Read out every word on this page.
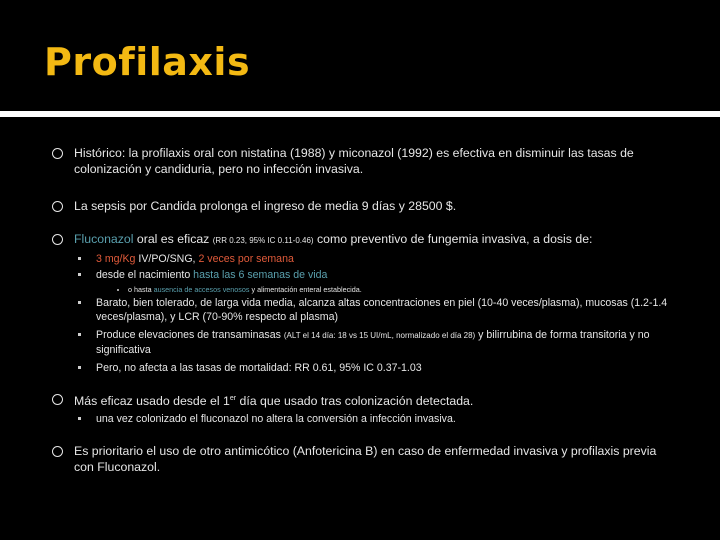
Profilaxis
Histórico: la profilaxis oral con nistatina (1988) y miconazol (1992) es efectiva en disminuir las tasas de colonización y candiduria, pero no infección invasiva.
La sepsis por Candida prolonga el ingreso de media 9 días y 28500 $.
Fluconazol oral es eficaz (RR 0.23, 95% IC 0.11-0.46) como preventivo de fungemia invasiva, a dosis de:
3 mg/Kg IV/PO/SNG, 2 veces por semana
desde el nacimiento hasta las 6 semanas de vida
o hasta ausencia de accesos venosos y alimentación enteral establecida.
Barato, bien tolerado, de larga vida media, alcanza altas concentraciones en piel (10-40 veces/plasma), mucosas (1.2-1.4 veces/plasma), y LCR (70-90% respecto al plasma)
Produce elevaciones de transaminasas (ALT el 14 día: 18 vs 15 UI/mL, normalizado el día 28) y bilirrubina de forma transitoria y no significativa
Pero, no afecta a las tasas de mortalidad: RR 0.61, 95% IC 0.37-1.03
Más eficaz usado desde el 1er día que usado tras colonización detectada.
una vez colonizado el fluconazol no altera la conversión a infección invasiva.
Es prioritario el uso de otro antimicótico (Anfotericina B) en caso de enfermedad invasiva y profilaxis previa con Fluconazol.
